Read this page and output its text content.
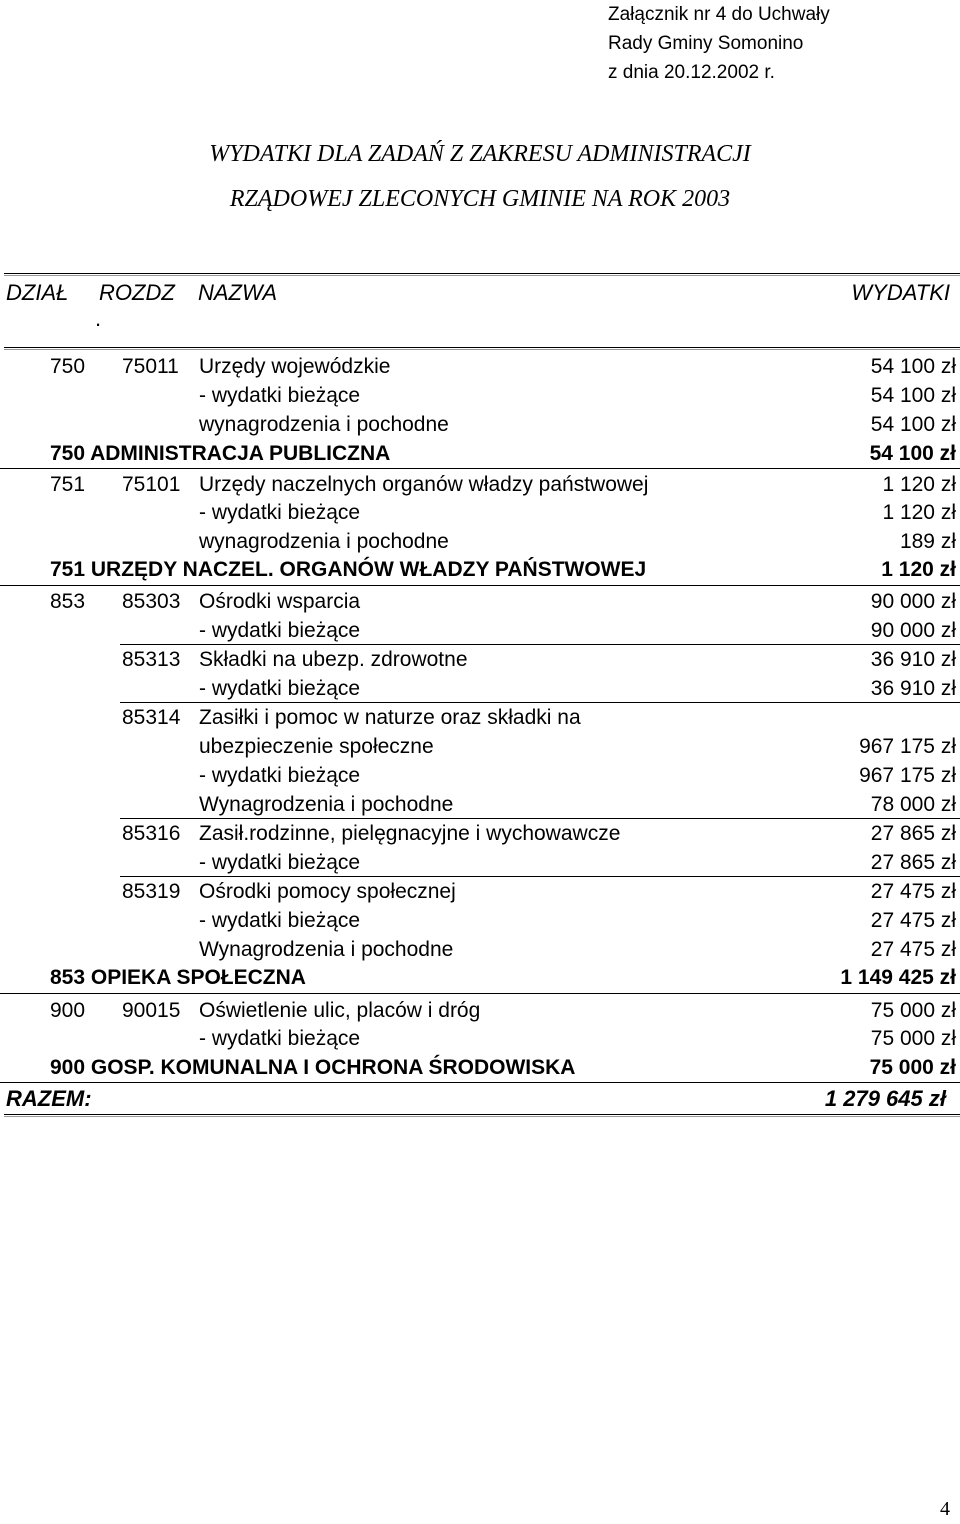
Załącznik nr 4 do Uchwały
Rady Gminy Somonino
z dnia 20.12.2002 r.
WYDATKI DLA ZADAŃ Z ZAKRESU ADMINISTRACJI
RZĄDOWEJ ZLECONYCH GMINIE NA ROK 2003
DZIAŁ ROZDZ
.
NAZWA	WYDATKI
750 75011 Urzędy wojewódzkie	54 100 zł
- wydatki bieżące	54 100 zł
wynagrodzenia i pochodne	54 100 zł
750 ADMINISTRACJA PUBLICZNA	54 100 zł
751 75101 Urzędy naczelnych organów władzy państwowej	1 120 zł
- wydatki bieżące	1 120 zł
wynagrodzenia i pochodne	189 zł
751 URZĘDY NACZEL. ORGANÓW WŁADZY PAŃSTWOWEJ	1 120 zł
853 85303 Ośrodki wsparcia	90 000 zł
- wydatki bieżące	90 000 zł
85313 Składki na ubezp. zdrowotne	36 910 zł
- wydatki bieżące	36 910 zł
85314 Zasiłki i pomoc w naturze oraz składki na
ubezpieczenie społeczne	967 175 zł
- wydatki bieżące	967 175 zł
Wynagrodzenia i pochodne	78 000 zł
85316 Zasił.rodzinne, pielęgnacyjne i wychowawcze	27 865 zł
- wydatki bieżące	27 865 zł
85319 Ośrodki pomocy społecznej	27 475 zł
- wydatki bieżące	27 475 zł
Wynagrodzenia i pochodne	27 475 zł
853 OPIEKA SPOŁECZNA	1 149 425 zł
900 90015 Oświetlenie ulic, placów i dróg	75 000 zł
- wydatki bieżące	75 000 zł
900 GOSP. KOMUNALNA I OCHRONA ŚRODOWISKA	75 000 zł
RAZEM:	1 279 645 zł
4
